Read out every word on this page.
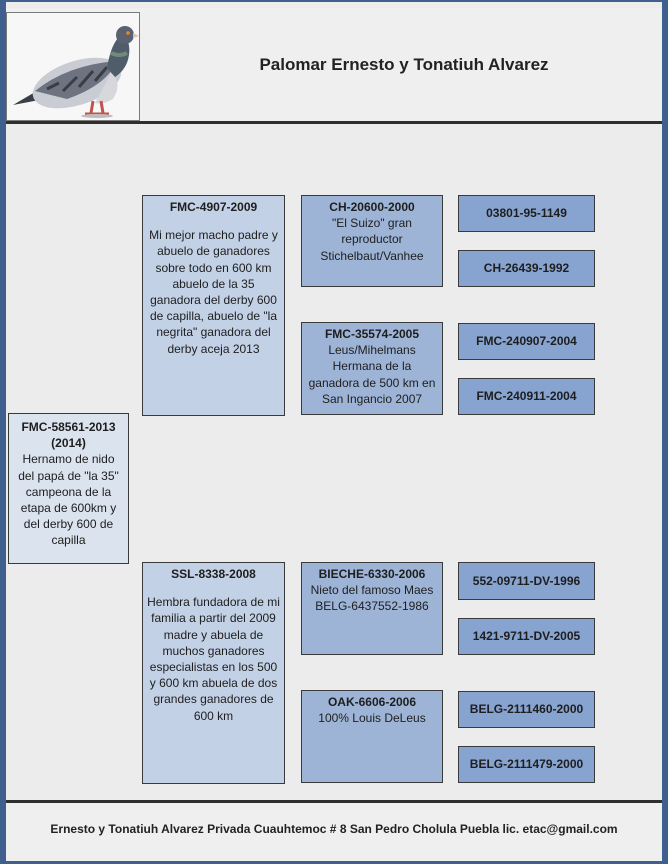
Palomar Ernesto y Tonatiuh Alvarez
FMC-58561-2013 (2014)
Hernamo de nido del papá de "la 35" campeona de la etapa de 600km y del derby 600 de capilla
FMC-4907-2009
Mi mejor macho padre y abuelo de ganadores sobre todo en 600 km abuelo de la 35 ganadora del derby 600 de capilla, abuelo de "la negrita" ganadora del derby aceja 2013
SSL-8338-2008
Hembra fundadora de mi familia a partir del 2009 madre y abuela de muchos ganadores especialistas en los 500 y 600 km abuela de dos grandes ganadores de 600 km
CH-20600-2000
"El Suizo" gran reproductor Stichelbaut/Vanhee
FMC-35574-2005
Leus/Mihelmans Hermana de la ganadora de 500 km en San Ingancio 2007
BIECHE-6330-2006
Nieto del famoso Maes BELG-6437552-1986
OAK-6606-2006
100% Louis DeLeus
03801-95-1149
CH-26439-1992
FMC-240907-2004
FMC-240911-2004
552-09711-DV-1996
1421-9711-DV-2005
BELG-2111460-2000
BELG-2111479-2000
Ernesto y Tonatiuh Alvarez Privada Cuauhtemoc # 8 San Pedro Cholula Puebla lic. etac@gmail.com
